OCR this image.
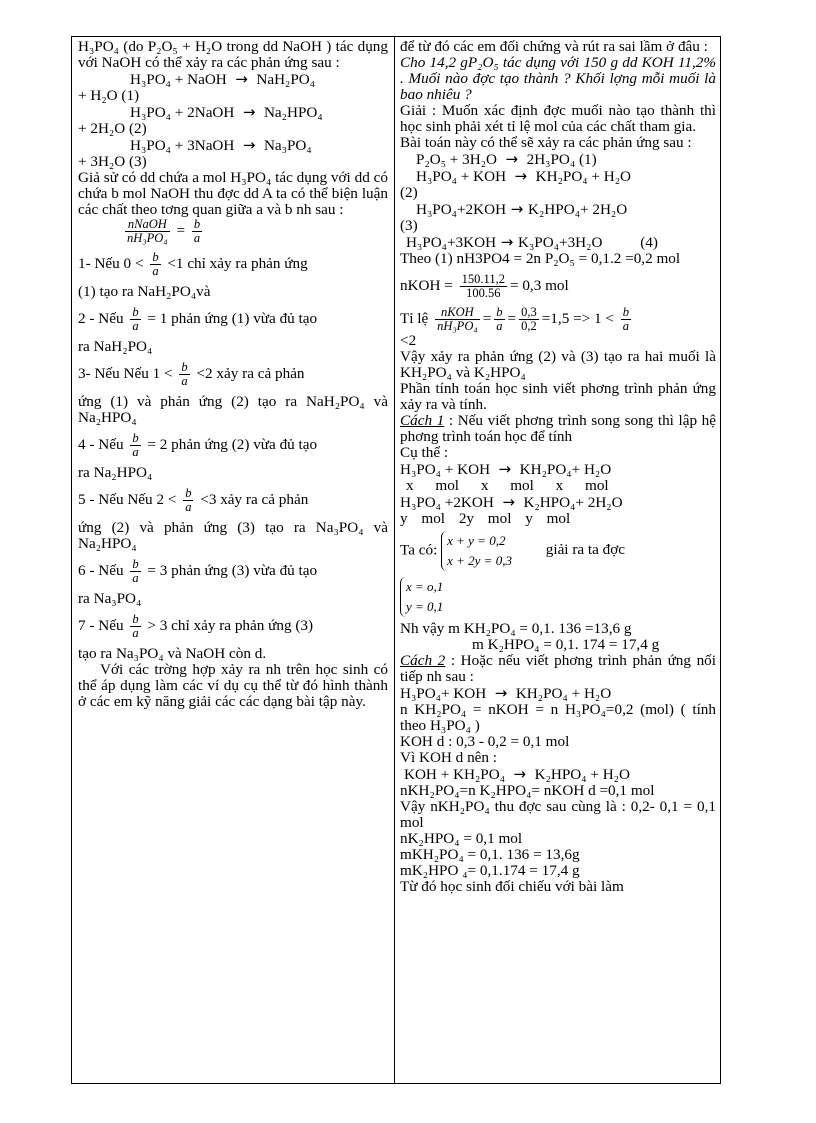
H₃PO₄ (do P₂O₅ + H₂O trong dd NaOH ) tác dụng với NaOH có thể xảy ra các phản ứng sau :

H₃PO₄ + NaOH → NaH₂PO₄

+ H₂O (1)

H₃PO₄ + 2NaOH → Na₂HPO₄

+ 2H₂O (2)

H₃PO₄ + 3NaOH → Na₃PO₄

+ 3H₂O (3)

Giả sử có dd chứa a mol H₃PO₄ tác dụng với dd có chứa b mol NaOH thu đợc dd A ta có thể biện luận các chất theo tơng quan giữa a và b nh sau :

$\frac{\text{nNaOH}}{\text{nH₃PO₄}} = \frac{b}{a}$

1- Nếu $0 < \frac{b}{a} <1$ chỉ xảy ra phản ứng

(1) tạo ra NaH₂PO₄và

2 - Nếu $\frac{b}{a} = 1$ phản ứng (1) vừa đủ tạo

ra NaH₂PO₄

3- Nếu Nếu $1 < \frac{b}{a} <2$ xảy ra cả phản

ứng (1) và phản ứng (2) tạo ra NaH₂PO₄ và Na₂HPO₄

4 - Nếu $\frac{b}{a} = 2$ phản ứng (2) vừa đủ tạo

ra Na₂HPO₄

5 - Nếu Nếu $2 < \frac{b}{a} <3$ xảy ra cả phản

ứng (2) và phản ứng (3) tạo ra Na₃PO₄ và Na₂HPO₄

6 - Nếu $\frac{b}{a} = 3$ phản ứng (3) vừa đủ tạo

ra Na₃PO₄

7 - Nếu $\frac{b}{a} > 3$ chỉ xảy ra phản ứng (3)

tạo ra Na₃PO₄ và NaOH còn d.

Với các trờng hợp xảy ra nh trên học sinh có thể áp dụng làm các ví dụ cụ thể từ đó hình thành ở các em kỹ năng giải các các dạng bài tập này.

để từ đó các em đối chứng và rút ra sai lầm ở đâu :

Cho 14,2 gP₂O₅ tác dụng với 150 g dd KOH 11,2% . Muối nào đợc tạo thành ? Khối lợng mỗi muối là bao nhiêu ?

Giải : Muốn xác định đợc muối nào tạo thành thì học sinh phải xét tỉ lệ mol của các chất tham gia.

Bài toán này có thể sẽ xảy ra các phản ứng sau :

P₂O₅ + 3H₂O → 2H₃PO₄ (1)

H₃PO₄ + KOH → KH₂PO₄ + H₂O

(2)

H₃PO₄+2KOH → K₂HPO₄+ 2H₂O

(3)

H₃PO₄+3KOH → K₃PO₄+3H₂O (4)

Theo (1) nH3PO4 = 2n P₂O₅ = 0,1.2 =0,2 mol

nKOH = $\frac{150.11,2}{100.56} = 0,3$ mol

Tỉ lệ $\frac{\text{nKOH}}{\text{nH₃PO₄}} = \frac{b}{a} = \frac{0,3}{0,2} =1,5 => 1 < \frac{b}{a}$

<2

Vậy xảy ra phản ứng (2) và (3) tạo ra hai muối là KH₂PO₄ và K₂HPO₄

Phần tính toán học sinh viết phơng trình phản ứng xảy ra và tính.

Cách 1 : Nếu viết phơng trình song song thì lập hệ phơng trình toán học để tính

Cụ thể :

H₃PO₄ + KOH → KH₂PO₄+ H₂O

x mol x mol x mol

H₃PO₄ +2KOH → K₂HPO₄+ 2H₂O

y mol 2y mol y mol

Ta có:
x + y = 0,2
x + 2y = 0,3
giải ra ta đợc

x = o,1
y = 0,1

Nh vậy m KH₂PO₄ = 0,1. 136 =13,6 g

m K₂HPO₄ = 0,1. 174 = 17,4 g

Cách 2 : Hoặc nếu viết phơng trình phản ứng nối tiếp nh sau :

H₃PO₄+ KOH → KH₂PO₄ + H₂O

n KH₂PO₄ = nKOH = n H₃PO₄=0,2 (mol) ( tính theo H₃PO₄ )

KOH d : 0,3 - 0,2 = 0,1 mol

Vì KOH d nên :

KOH + KH₂PO₄ → K₂HPO₄ + H₂O

nKH₂PO₄=n K₂HPO₄= nKOH d =0,1 mol

Vậy nKH₂PO₄ thu đợc sau cùng là : 0,2- 0,1 = 0,1 mol

nK₂HPO₄ = 0,1 mol

mKH₂PO₄ = 0,1. 136 = 13,6g

mK₂HPO ₄= 0,1.174 = 17,4 g

Từ đó học sinh đối chiếu với bài làm
